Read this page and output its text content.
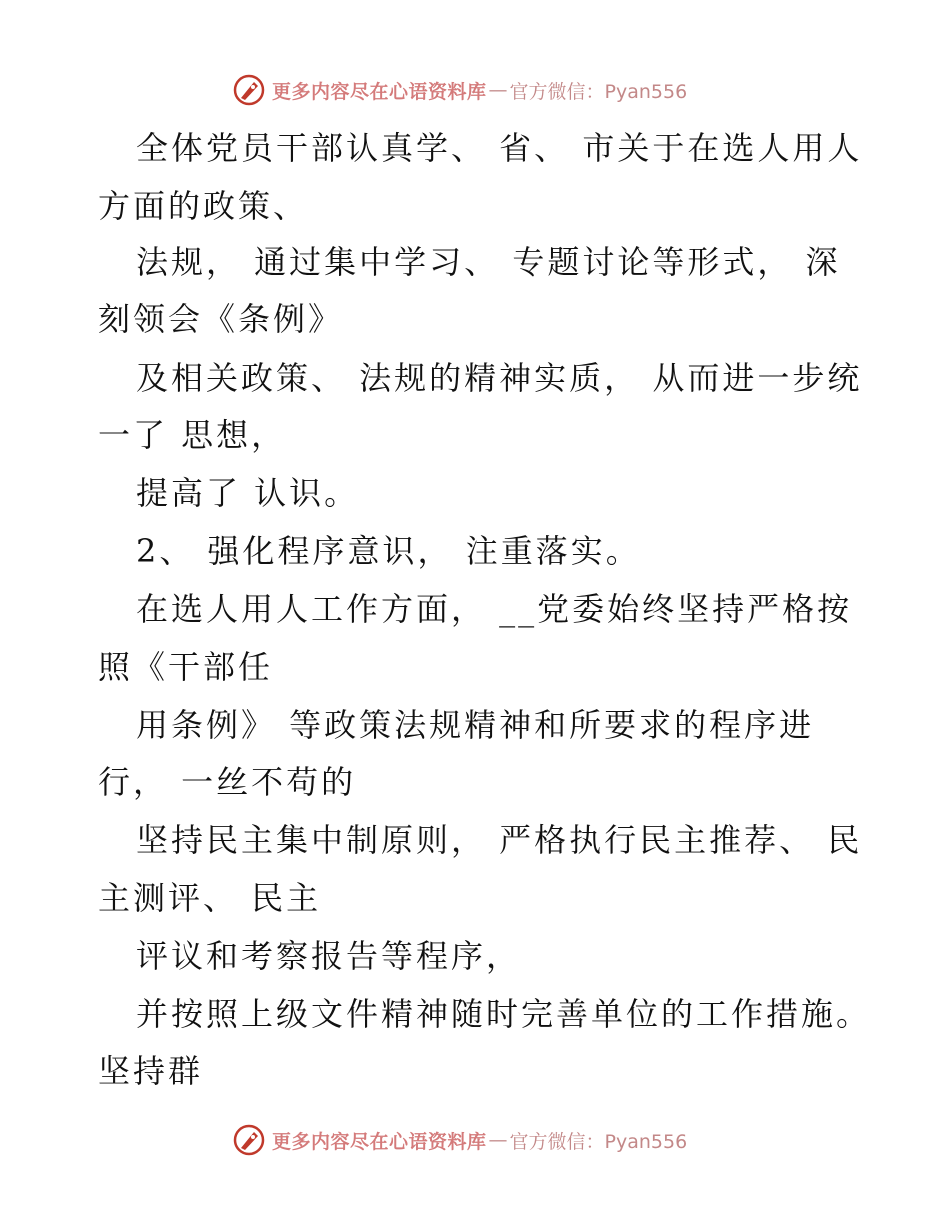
更多内容尽在心语资料库 — 官方微信：Pyan556
全体党员干部认真学、 省、 市关于在选人用人
方面的政策、
法规， 通过集中学习、 专题讨论等形式， 深
刻领会《条例》
及相关政策、 法规的精神实质， 从而进一步统
一了 思想，
提高了 认识。
2、 强化程序意识， 注重落实。
在选人用人工作方面， __党委始终坚持严格按
照《干部任
用条例》 等政策法规精神和所要求的程序进
行， 一丝不苟的
坚持民主集中制原则， 严格执行民主推荐、 民
主测评、 民主
评议和考察报告等程序，
并按照上级文件精神随时完善单位的工作措施。
坚持群
更多内容尽在心语资料库 — 官方微信：Pyan556
